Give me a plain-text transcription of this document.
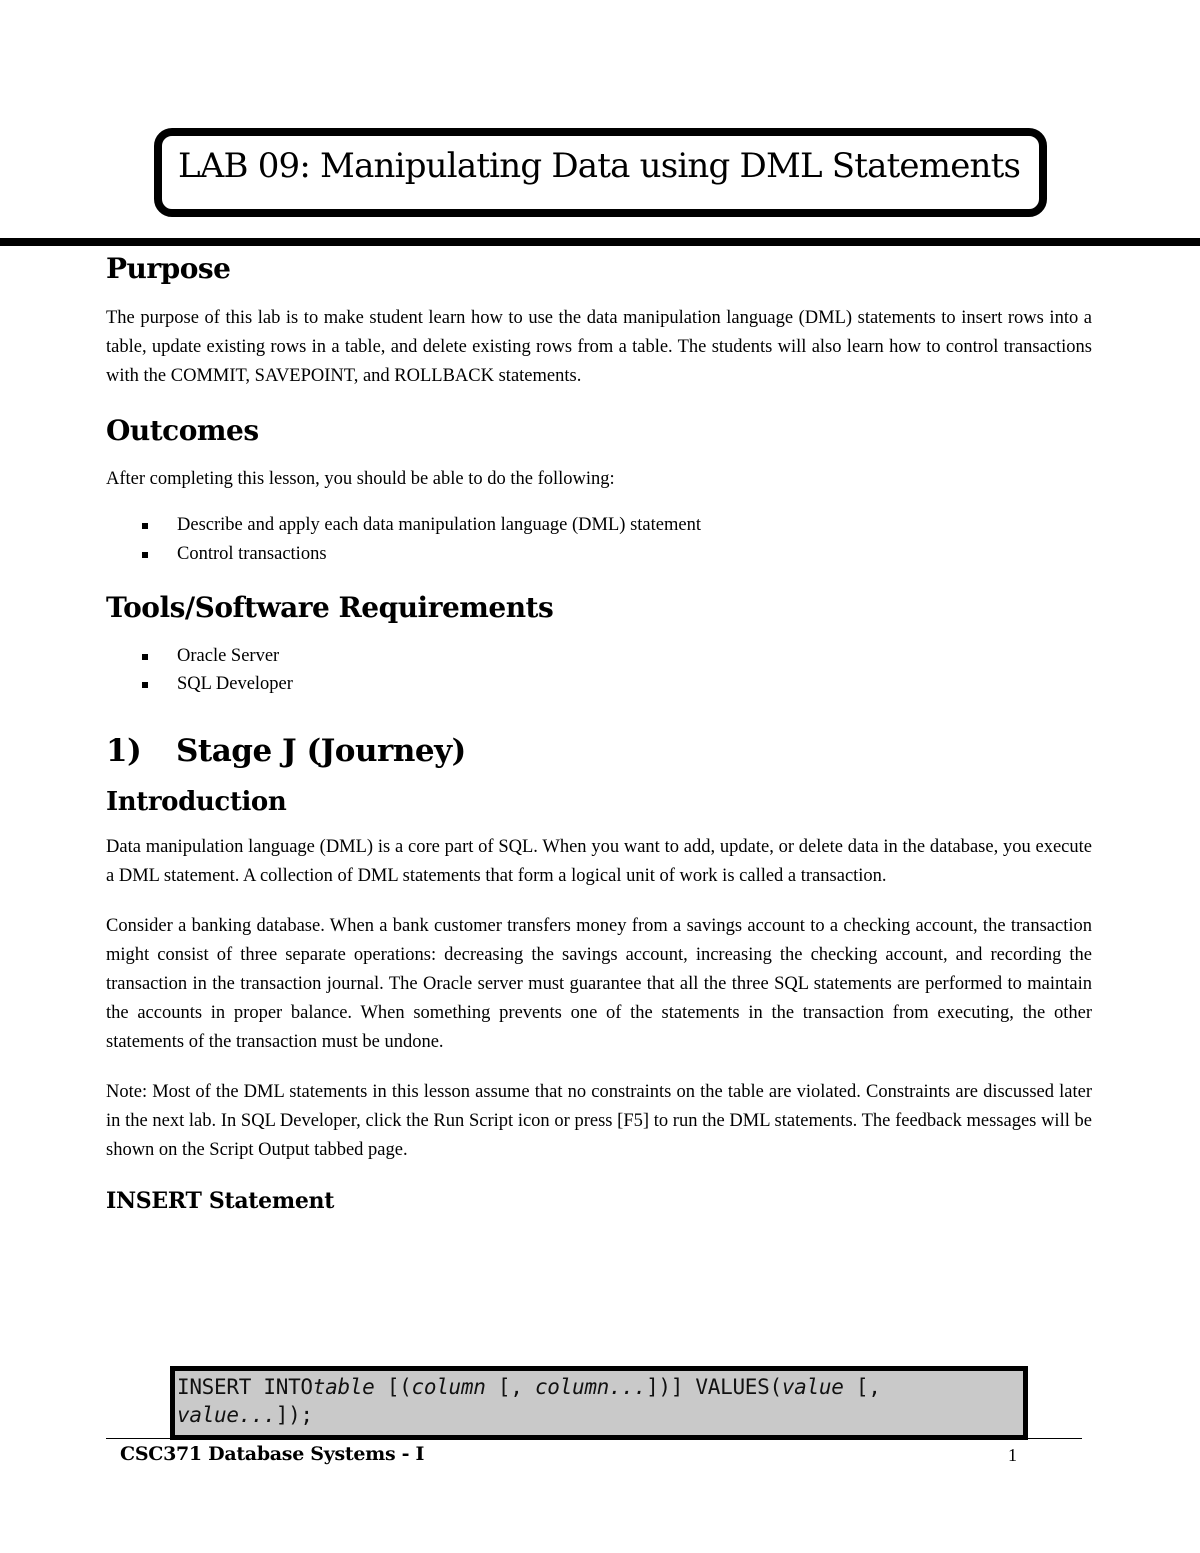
LAB 09: Manipulating Data using DML Statements
Purpose

The purpose of this lab is to make student learn how to use the data manipulation language (DML) statements to insert rows into a table, update existing rows in a table, and delete existing rows from a table. The students will also learn how to control transactions with the COMMIT, SAVEPOINT, and ROLLBACK statements.

Outcomes

After completing this lesson, you should be able to do the following:

Describe and apply each data manipulation language (DML) statement
Control transactions
Tools/Software Requirements
Oracle Server
SQL Developer
1) Stage J (Journey)
Introduction

Data manipulation language (DML) is a core part of SQL. When you want to add, update, or delete data in the database, you execute a DML statement. A collection of DML statements that form a logical unit of work is called a transaction.

Consider a banking database. When a bank customer transfers money from a savings account to a checking account, the transaction might consist of three separate operations: decreasing the savings account, increasing the checking account, and recording the transaction in the transaction journal. The Oracle server must guarantee that all the three SQL statements are performed to maintain the accounts in proper balance. When something prevents one of the statements in the transaction from executing, the other statements of the transaction must be undone.

Note: Most of the DML statements in this lesson assume that no constraints on the table are violated. Constraints are discussed later in the next lab. In SQL Developer, click the Run Script icon or press [F5] to run the DML statements. The feedback messages will be shown on the Script Output tabbed page.

INSERT Statement
INSERT INTOtable [(column [, column...])] VALUES(value [,
value...]);
CSC371 Database Systems - I	1
